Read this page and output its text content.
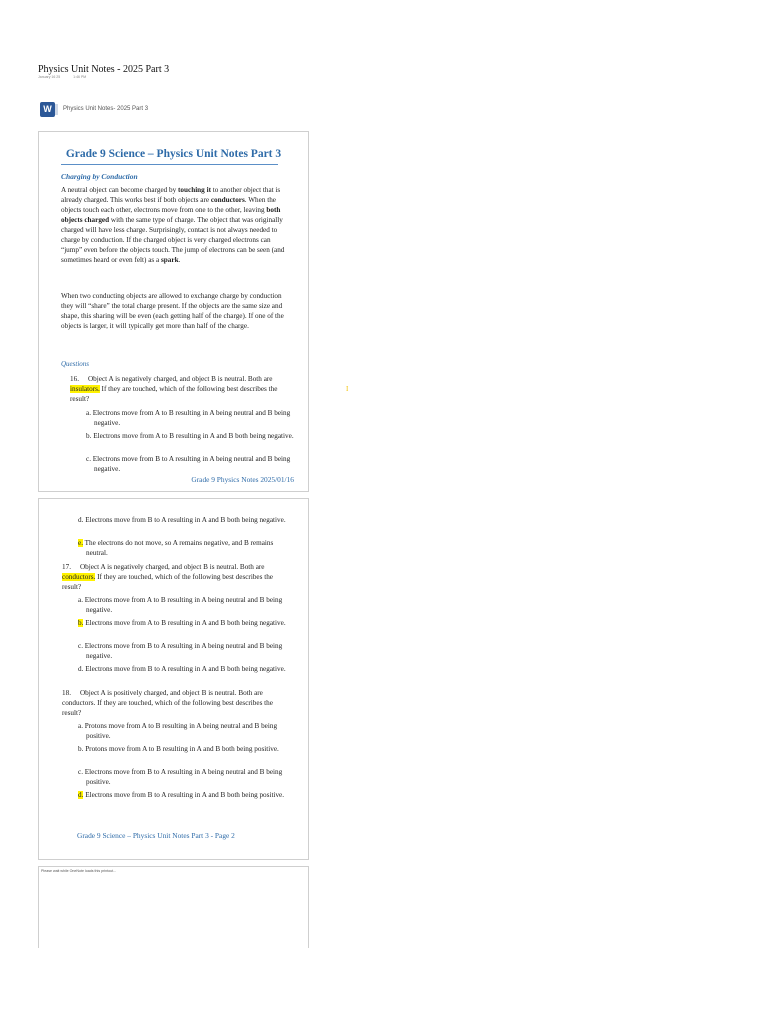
Physics Unit Notes - 2025 Part 3
January 16 25	1:46 PM
W	Physics Unit Notes- 2025 Part 3
I
Grade 9 Science – Physics Unit Notes Part 3
Charging by Conduction

A neutral object can become charged by touching it to another object that is already charged. This works best if both objects are conductors. When the objects touch each other, electrons move from one to the other, leaving both objects charged with the same type of charge. The object that was originally charged will have less charge. Surprisingly, contact is not always needed to charge by conduction. If the charged object is very charged electrons can “jump” even before the objects touch. The jump of electrons can be seen (and sometimes heard or even felt) as a spark.

When two conducting objects are allowed to exchange charge by conduction they will “share” the total charge present. If the objects are the same size and shape, this sharing will be even (each getting half of the charge). If one of the objects is larger, it will typically get more than half of the charge.

Questions
16. Object A is negatively charged, and object B is neutral. Both are insulators. If they are touched, which of the following best describes the result?
a. Electrons move from A to B resulting in A being neutral and B being negative.
b. Electrons move from A to B resulting in A and B both being negative.
c. Electrons move from B to A resulting in A being neutral and B being negative.
Grade 9 Physics Notes 2025/01/16
d. Electrons move from B to A resulting in A and B both being negative.
e. The electrons do not move, so A remains negative, and B remains neutral.
17. Object A is negatively charged, and object B is neutral. Both are conductors. If they are touched, which of the following best describes the result?
a. Electrons move from A to B resulting in A being neutral and B being negative.
b. Electrons move from A to B resulting in A and B both being negative.
c. Electrons move from B to A resulting in A being neutral and B being negative.
d. Electrons move from B to A resulting in A and B both being negative.
18. Object A is positively charged, and object B is neutral. Both are conductors. If they are touched, which of the following best describes the result?
a. Protons move from A to B resulting in A being neutral and B being positive.
b. Protons move from A to B resulting in A and B both being positive.
c. Electrons move from B to A resulting in A being neutral and B being positive.
d. Electrons move from B to A resulting in A and B both being positive.
Grade 9 Science – Physics Unit Notes Part 3 - Page 2
Please wait while OneNote loads this printout...
